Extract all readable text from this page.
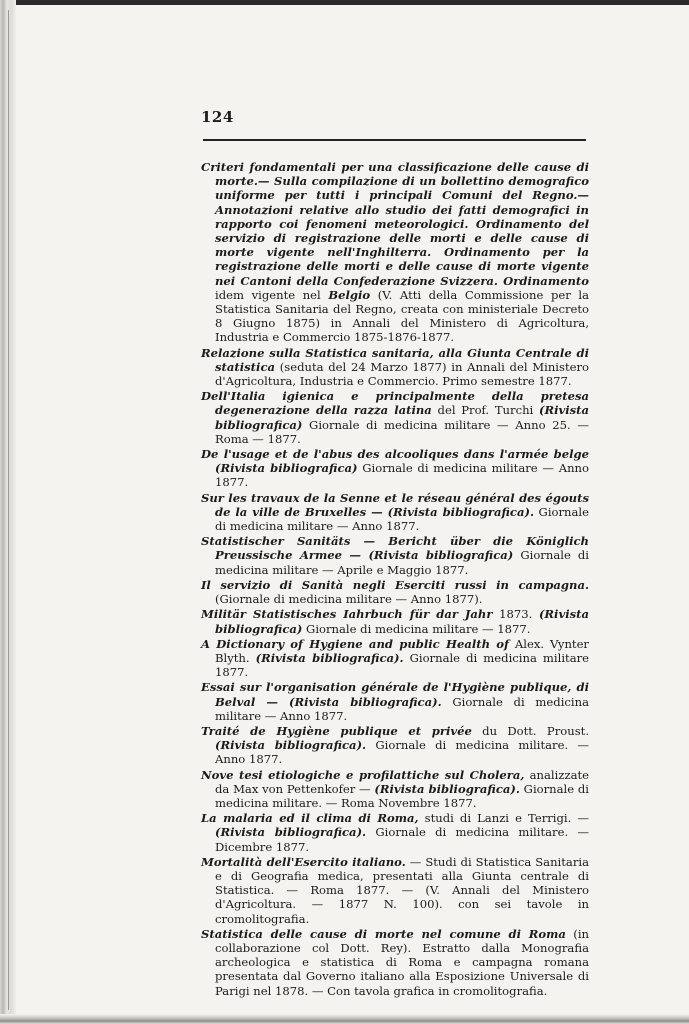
124

Criteri fondamentali per una classificazione delle cause di morte.— Sulla compilazione di un bollettino demografico uniforme per tutti i principali Comuni del Regno.— Annotazioni relative allo studio dei fatti demografici in rapporto coi fenomeni meteorologici. Ordinamento del servizio di registrazione delle morti e delle cause di morte vigente nell'Inghilterra. Ordinamento per la registrazione delle morti e delle cause di morte vigente nei Cantoni della Confederazione Svizzera. Ordinamento idem vigente nel Belgio (V. Atti della Commissione per la Statistica Sanitaria del Regno, creata con ministeriale Decreto 8 Giugno 1875) in Annali del Ministero di Agricoltura, Industria e Commercio 1875-1876-1877.

Relazione sulla Statistica sanitaria, alla Giunta Centrale di statistica (seduta del 24 Marzo 1877) in Annali del Ministero d'Agricoltura, Industria e Commercio. Primo semestre 1877.

Dell'Italia igienica e principalmente della pretesa degenerazione della razza latina del Prof. Turchi (Rivista bibliografica) Giornale di medicina militare — Anno 25. — Roma — 1877.

De l'usage et de l'abus des alcooliques dans l'armée belge (Rivista bibliografica) Giornale di medicina militare — Anno 1877.

Sur les travaux de la Senne et le réseau général des égouts de la ville de Bruxelles — (Rivista bibliografica). Giornale di medicina militare — Anno 1877.

Statistischer Sanitäts — Bericht über die Königlich Preussische Armee — (Rivista bibliografica) Giornale di medicina militare — Aprile e Maggio 1877.

Il servizio di Sanità negli Eserciti russi in campagna. (Giornale di medicina militare — Anno 1877).

Militär Statistisches Iahrbuch für dar Jahr 1873. (Rivista bibliografica) Giornale di medicina militare — 1877.

A Dictionary of Hygiene and public Health of Alex. Vynter Blyth. (Rivista bibliografica). Giornale di medicina militare 1877.

Essai sur l'organisation générale de l'Hygiène publique, di Belval — (Rivista bibliografica). Giornale di medicina militare — Anno 1877.

Traité de Hygiène publique et privée du Dott. Proust. (Rivista bibliografica). Giornale di medicina militare. — Anno 1877.

Nove tesi etiologiche e profilattiche sul Cholera, analizzate da Max von Pettenkofer — (Rivista bibliografica). Giornale di medicina militare. — Roma Novembre 1877.

La malaria ed il clima di Roma, studi di Lanzi e Terrigi. — (Rivista bibliografica). Giornale di medicina militare. — Dicembre 1877.

Mortalità dell'Esercito italiano. — Studi di Statistica Sanitaria e di Geografia medica, presentati alla Giunta centrale di Statistica. — Roma 1877. — (V. Annali del Ministero d'Agricoltura. — 1877 N. 100). con sei tavole in cromolitografia.

Statistica delle cause di morte nel comune di Roma (in collaborazione col Dott. Rey). Estratto dalla Monografia archeologica e statistica di Roma e campagna romana presentata dal Governo italiano alla Esposizione Universale di Parigi nel 1878. — Con tavola grafica in cromolitografia.
